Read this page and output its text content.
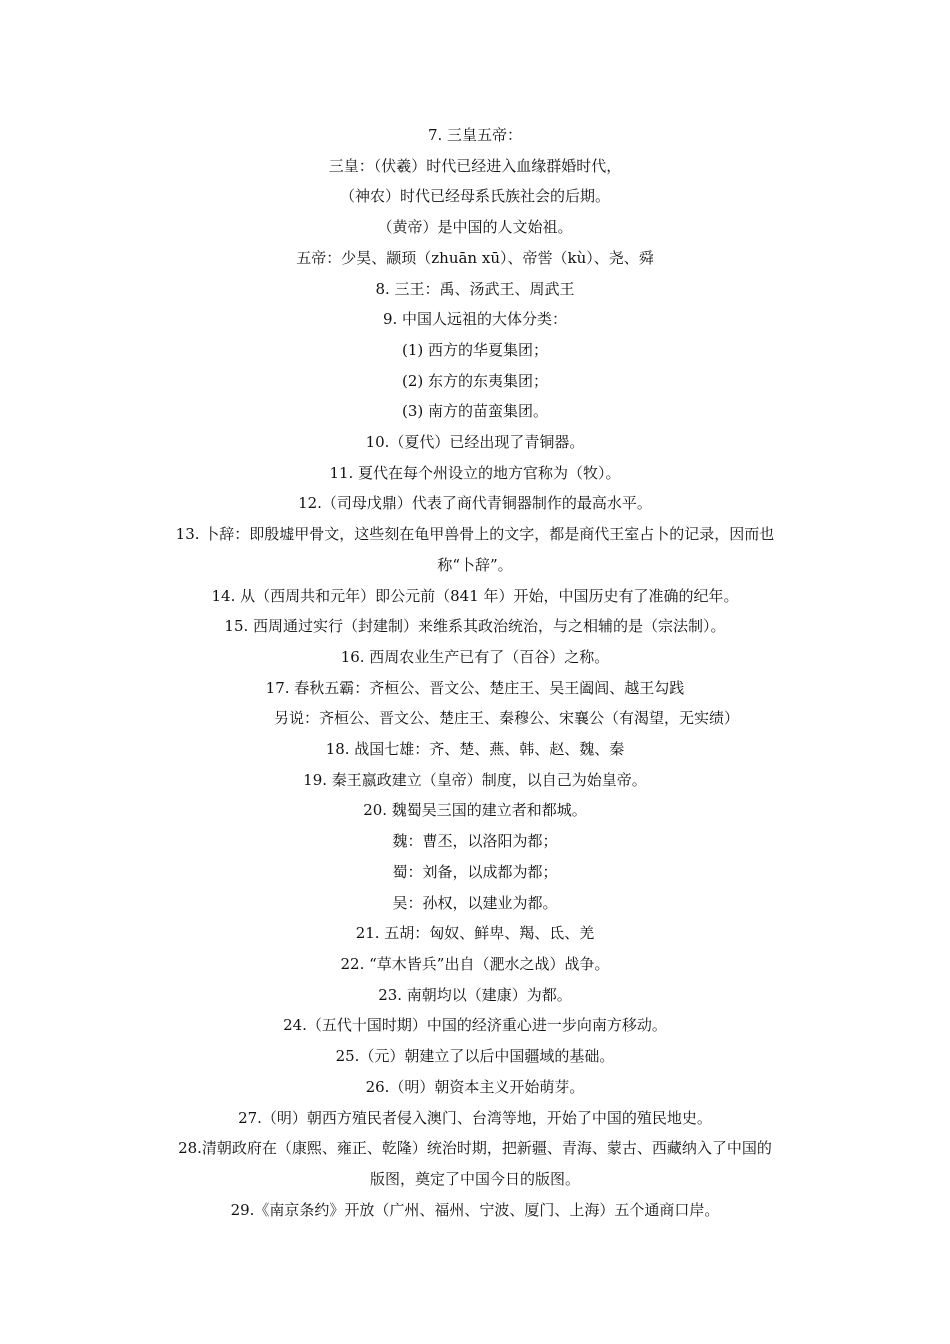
7. 三皇五帝：
三皇：（伏羲）时代已经进入血缘群婚时代，
（神农）时代已经母系氏族社会的后期。
（黄帝）是中国的人文始祖。
五帝：少昊、颛顼（zhuān xū）、帝喾（kù）、尧、舜
8. 三王：禹、汤武王、周武王
9. 中国人远祖的大体分类：
(1) 西方的华夏集团；
(2) 东方的东夷集团；
(3) 南方的苗蛮集团。
10.（夏代）已经出现了青铜器。
11. 夏代在每个州设立的地方官称为（牧）。
12.（司母戊鼎）代表了商代青铜器制作的最高水平。
13. 卜辞：即殷墟甲骨文，这些刻在龟甲兽骨上的文字，都是商代王室占卜的记录，因而也
称“卜辞”。
14. 从（西周共和元年）即公元前（841 年）开始，中国历史有了准确的纪年。
15. 西周通过实行（封建制）来维系其政治统治，与之相辅的是（宗法制）。
16. 西周农业生产已有了（百谷）之称。
17. 春秋五霸：齐桓公、晋文公、楚庄王、吴王阖闾、越王勾践
另说：齐桓公、晋文公、楚庄王、秦穆公、宋襄公（有渴望，无实绩）
18. 战国七雄：齐、楚、燕、韩、赵、魏、秦
19. 秦王嬴政建立（皇帝）制度，以自己为始皇帝。
20. 魏蜀吴三国的建立者和都城。
魏：曹丕，以洛阳为都；
蜀：刘备，以成都为都；
吴：孙权，以建业为都。
21. 五胡：匈奴、鲜卑、羯、氐、羌
22. “草木皆兵”出自（淝水之战）战争。
23. 南朝均以（建康）为都。
24.（五代十国时期）中国的经济重心进一步向南方移动。
25.（元）朝建立了以后中国疆域的基础。
26.（明）朝资本主义开始萌芽。
27.（明）朝西方殖民者侵入澳门、台湾等地，开始了中国的殖民地史。
28.清朝政府在（康熙、雍正、乾隆）统治时期，把新疆、青海、蒙古、西藏纳入了中国的
版图，奠定了中国今日的版图。
29.《南京条约》开放（广州、福州、宁波、厦门、上海）五个通商口岸。
